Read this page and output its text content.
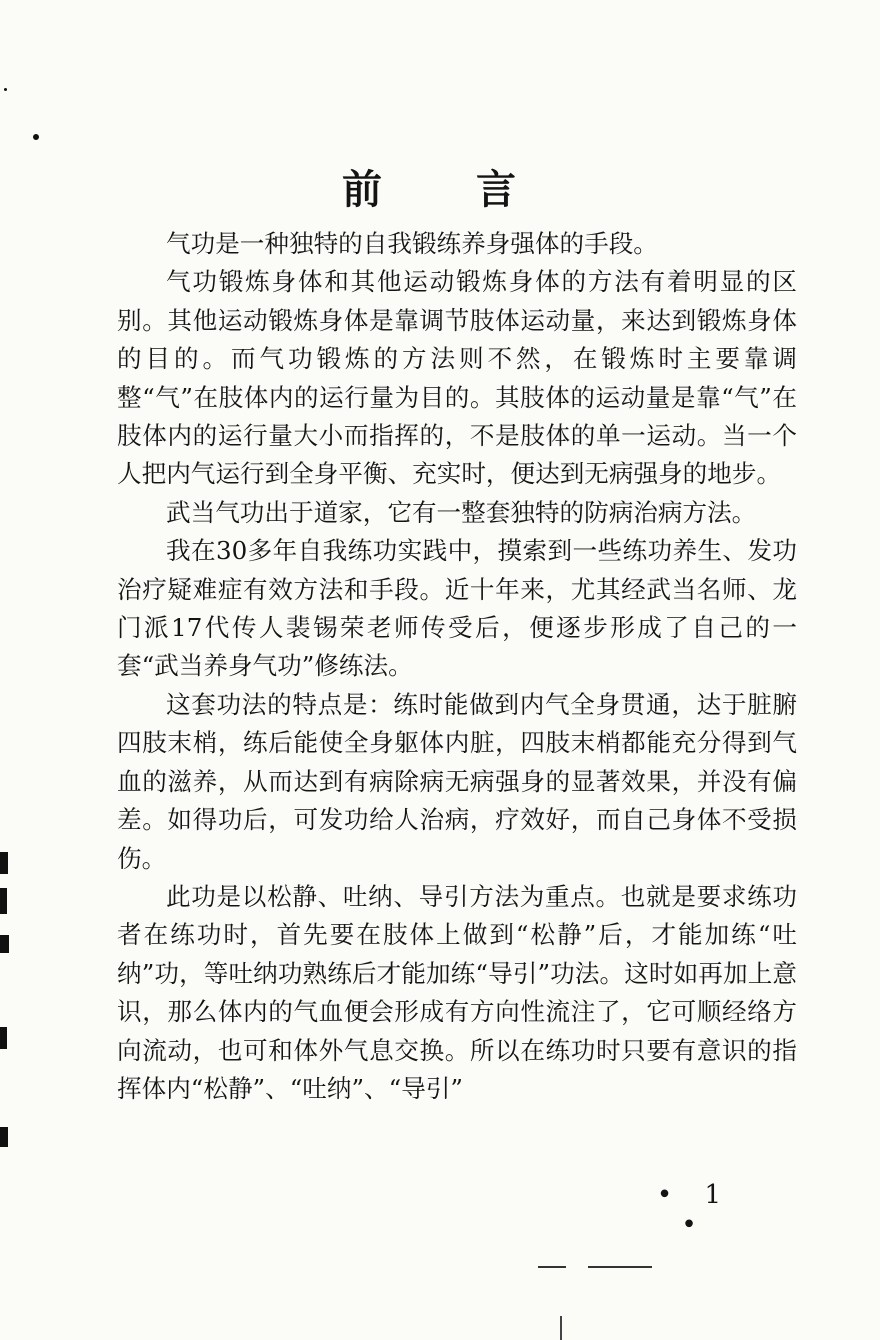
前 言

气功是一种独特的自我锻练养身强体的手段。

气功锻炼身体和其他运动锻炼身体的方法有着明显的区别。其他运动锻炼身体是靠调节肢体运动量，来达到锻炼身体的目的。而气功锻炼的方法则不然，在锻炼时主要靠调整“气”在肢体内的运行量为目的。其肢体的运动量是靠“气”在肢体内的运行量大小而指挥的，不是肢体的单一运动。当一个人把内气运行到全身平衡、充实时，便达到无病强身的地步。

武当气功出于道家，它有一整套独特的防病治病方法。

我在30多年自我练功实践中，摸索到一些练功养生、发功治疗疑难症有效方法和手段。近十年来，尤其经武当名师、龙门派17代传人裴锡荣老师传受后，便逐步形成了自己的一套“武当养身气功”修练法。

这套功法的特点是：练时能做到内气全身贯通，达于脏腑四肢末梢，练后能使全身躯体内脏，四肢末梢都能充分得到气血的滋养，从而达到有病除病无病强身的显著效果，并没有偏差。如得功后，可发功给人治病，疗效好，而自己身体不受损伤。

此功是以松静、吐纳、导引方法为重点。也就是要求练功者在练功时，首先要在肢体上做到“松静”后，才能加练“吐纳”功，等吐纳功熟练后才能加练“导引”功法。这时如再加上意识，那么体内的气血便会形成有方向性流注了，它可顺经络方向流动，也可和体外气息交换。所以在练功时只要有意识的指挥体内“松静”、“吐纳”、“导引”

• 1 •
